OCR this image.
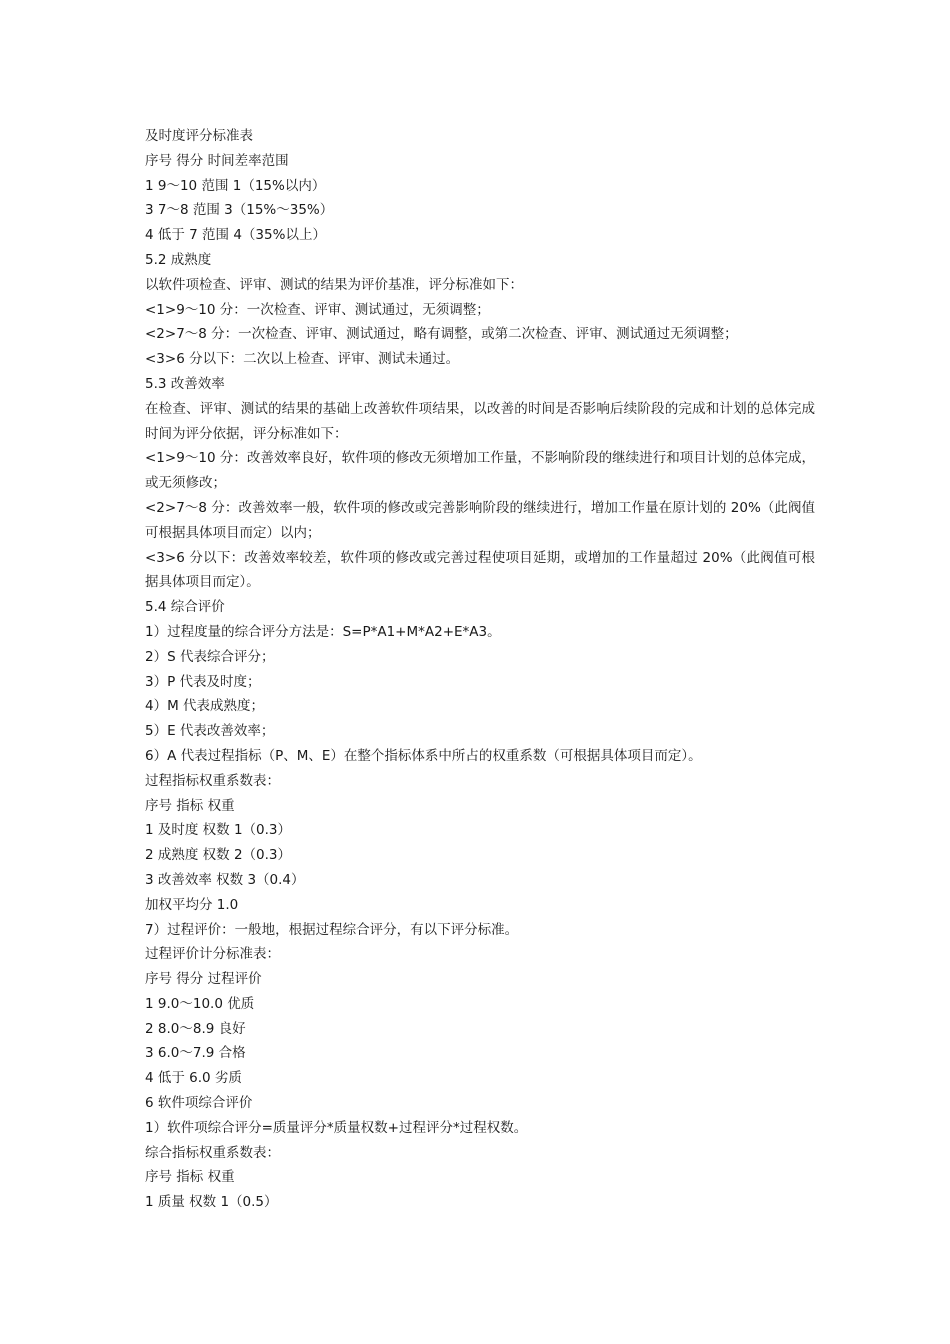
及时度评分标准表

序号 得分 时间差率范围

1 9～10 范围 1（15%以内）

3 7～8 范围 3（15%～35%）

4 低于 7 范围 4（35%以上）

5.2 成熟度

以软件项检查、评审、测试的结果为评价基准，评分标准如下：

<1>9～10 分：一次检查、评审、测试通过，无须调整；

<2>7～8 分：一次检查、评审、测试通过，略有调整，或第二次检查、评审、测试通过无须调整；

<3>6 分以下：二次以上检查、评审、测试未通过。

5.3 改善效率

在检查、评审、测试的结果的基础上改善软件项结果，以改善的时间是否影响后续阶段的完成和计划的总体完成时间为评分依据，评分标准如下：

<1>9～10 分：改善效率良好，软件项的修改无须增加工作量，不影响阶段的继续进行和项目计划的总体完成，或无须修改；

<2>7～8 分：改善效率一般，软件项的修改或完善影响阶段的继续进行，增加工作量在原计划的 20%（此阀值可根据具体项目而定）以内；

<3>6 分以下：改善效率较差，软件项的修改或完善过程使项目延期，或增加的工作量超过 20%（此阀值可根据具体项目而定）。

5.4 综合评价

1）过程度量的综合评分方法是：S=P*A1+M*A2+E*A3。

2）S 代表综合评分；

3）P 代表及时度；

4）M 代表成熟度；

5）E 代表改善效率；

6）A 代表过程指标（P、M、E）在整个指标体系中所占的权重系数（可根据具体项目而定）。

过程指标权重系数表：

序号 指标 权重

1 及时度 权数 1（0.3）

2 成熟度 权数 2（0.3）

3 改善效率 权数 3（0.4）

加权平均分 1.0

7）过程评价：一般地，根据过程综合评分，有以下评分标准。

过程评价计分标准表：

序号 得分 过程评价

1 9.0～10.0 优质

2 8.0～8.9 良好

3 6.0～7.9 合格

4 低于 6.0 劣质

6 软件项综合评价

1）软件项综合评分=质量评分*质量权数+过程评分*过程权数。

综合指标权重系数表：

序号 指标 权重

1 质量 权数 1（0.5）
